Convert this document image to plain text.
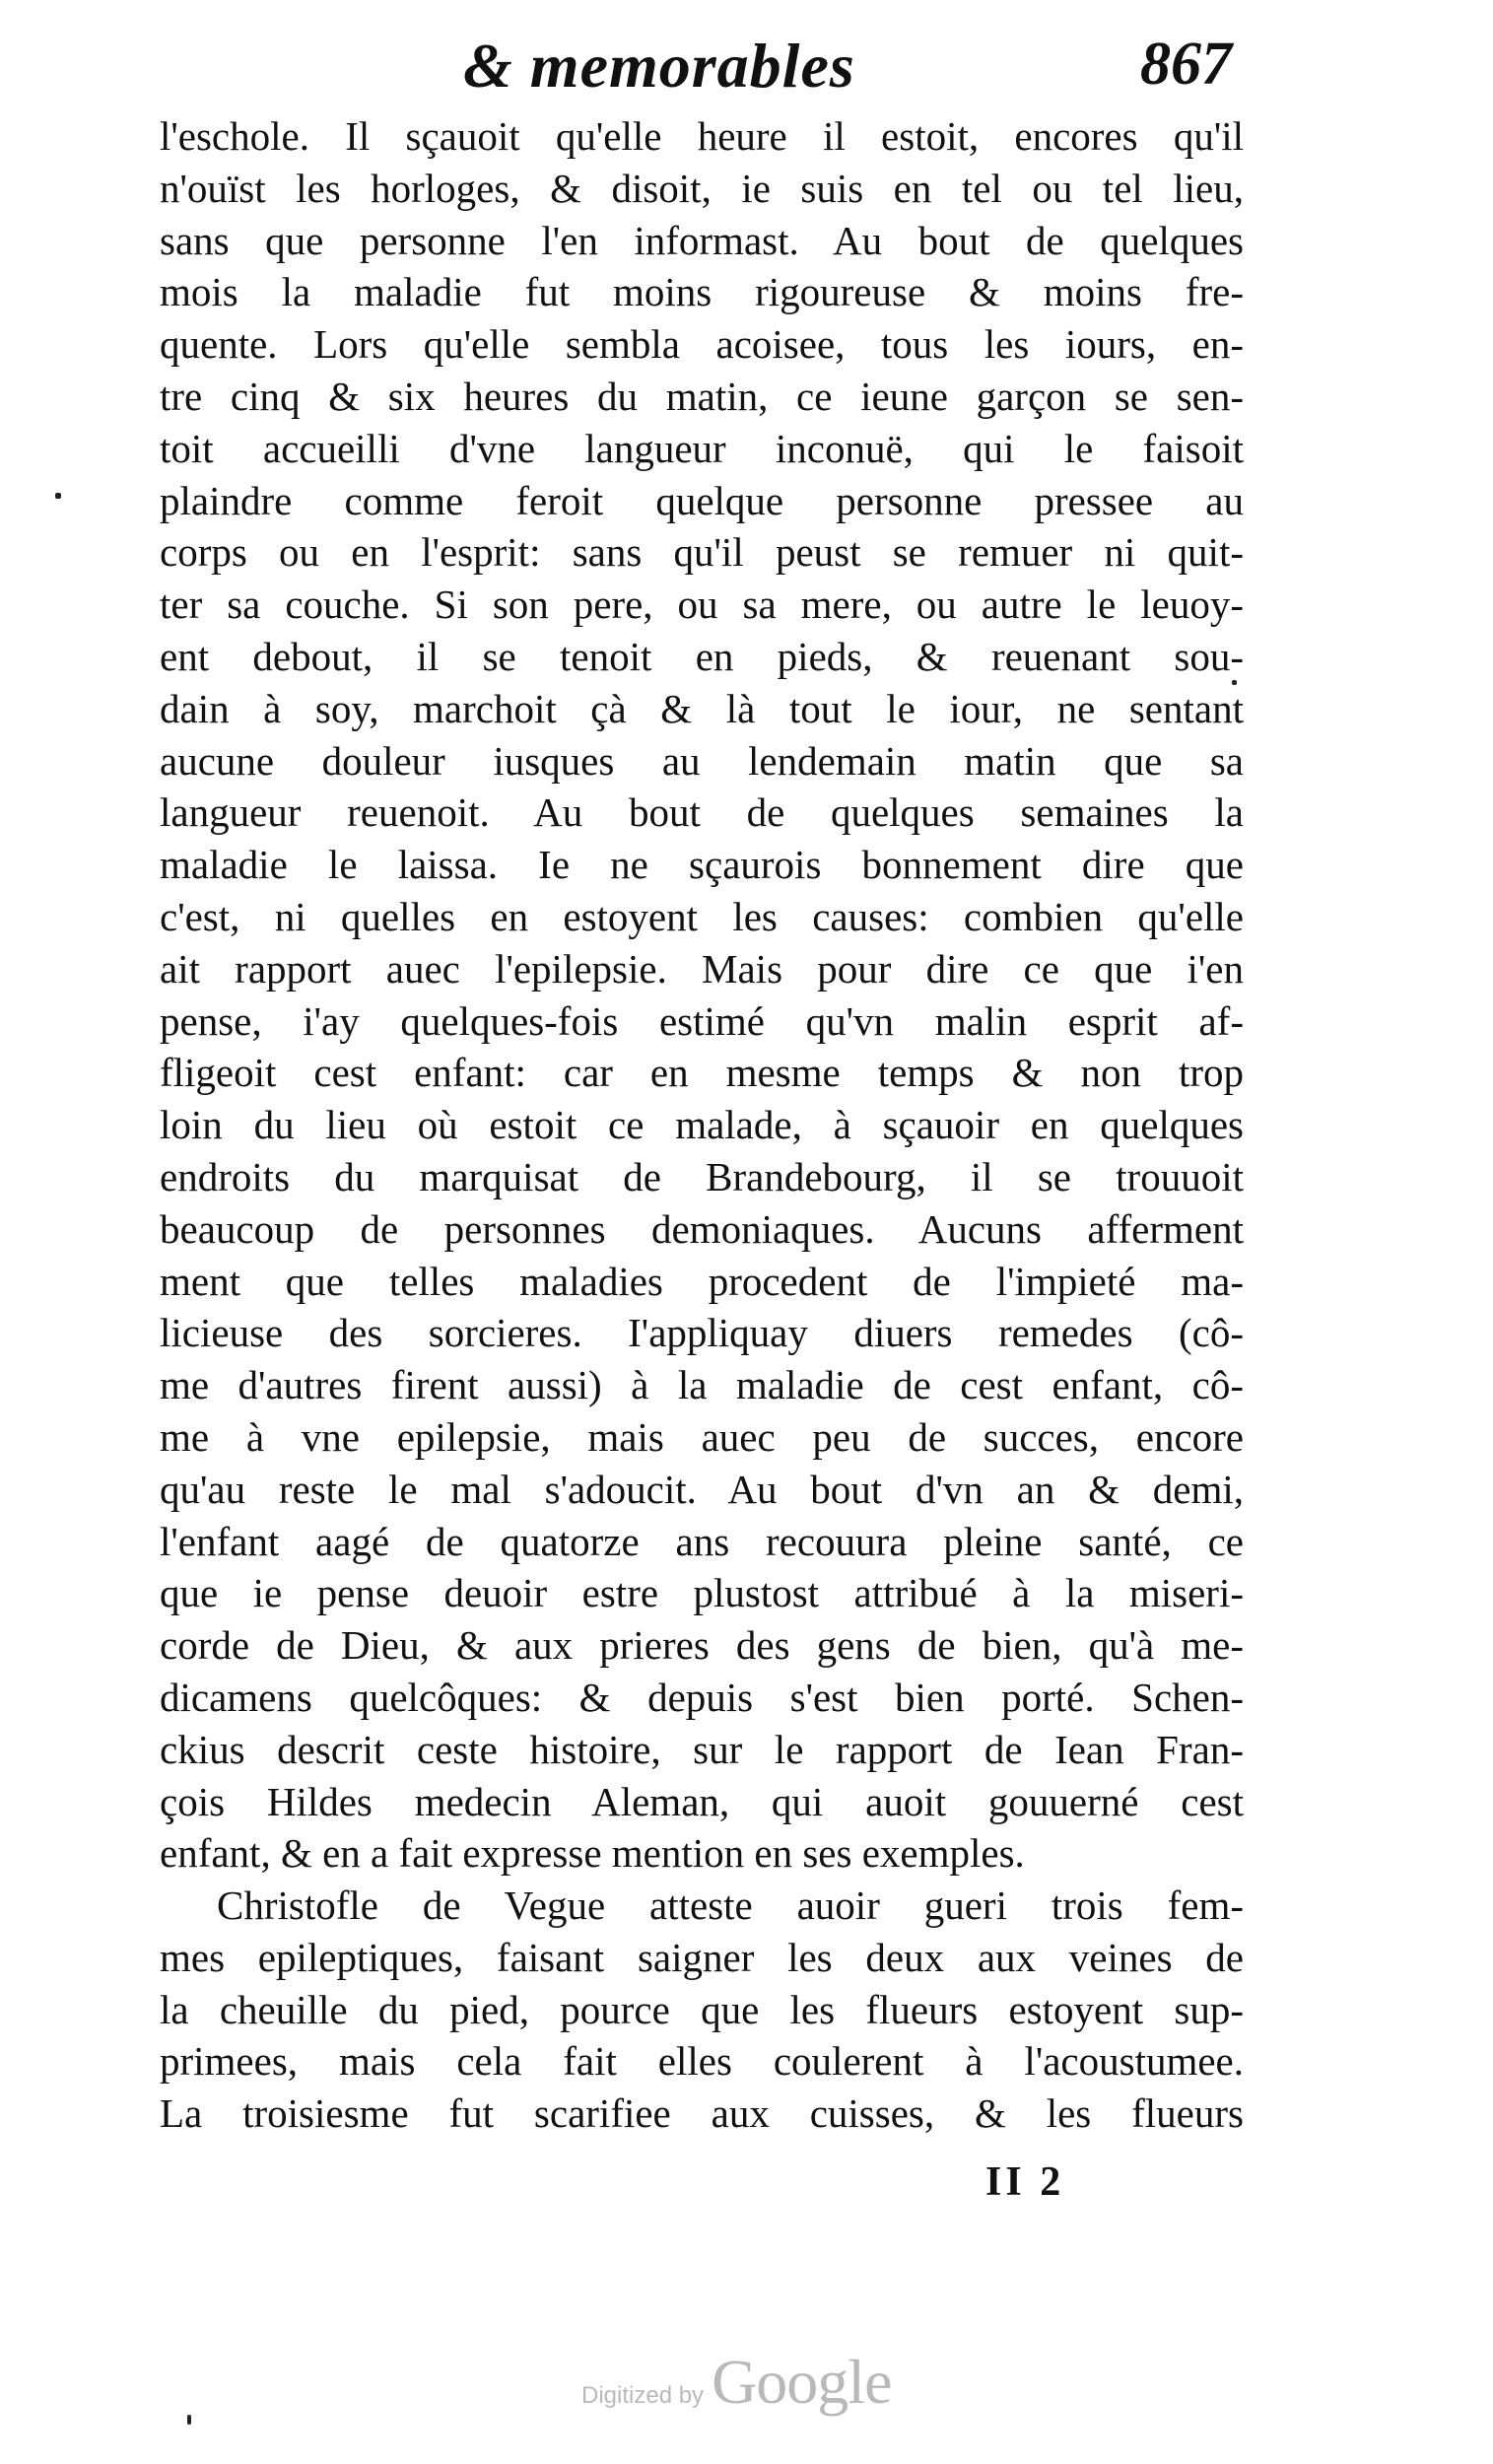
& memorables	867
l'eschole. Il sçauoit qu'elle heure il estoit, encores qu'il
n'ouïst les horloges, & disoit, ie suis en tel ou tel lieu,
sans que personne l'en informast. Au bout de quelques
mois la maladie fut moins rigoureuse & moins fre-
quente. Lors qu'elle sembla acoisee, tous les iours, en-
tre cinq & six heures du matin, ce ieune garçon se sen-
toit accueilli d'vne langueur inconuë, qui le faisoit
plaindre comme feroit quelque personne pressee au
corps ou en l'esprit: sans qu'il peust se remuer ni quit-
ter sa couche. Si son pere, ou sa mere, ou autre le leuoy-
ent debout, il se tenoit en pieds, & reuenant sou-
dain à soy, marchoit çà & là tout le iour, ne sentant
aucune douleur iusques au lendemain matin que sa
langueur reuenoit. Au bout de quelques semaines la
maladie le laissa. Ie ne sçaurois bonnement dire que
c'est, ni quelles en estoyent les causes: combien qu'elle
ait rapport auec l'epilepsie. Mais pour dire ce que i'en
pense, i'ay quelques-fois estimé qu'vn malin esprit af-
fligeoit cest enfant: car en mesme temps & non trop
loin du lieu où estoit ce malade, à sçauoir en quelques
endroits du marquisat de Brandebourg, il se trouuoit
beaucoup de personnes demoniaques. Aucuns afferment
ment que telles maladies procedent de l'impieté ma-
licieuse des sorcieres. I'appliquay diuers remedes (cô-
me d'autres firent aussi) à la maladie de cest enfant, cô-
me à vne epilepsie, mais auec peu de succes, encore
qu'au reste le mal s'adoucit. Au bout d'vn an & demi,
l'enfant aagé de quatorze ans recouura pleine santé, ce
que ie pense deuoir estre plustost attribué à la miseri-
corde de Dieu, & aux prieres des gens de bien, qu'à me-
dicamens quelcôques: & depuis s'est bien porté. Schen-
ckius descrit ceste histoire, sur le rapport de Iean Fran-
çois Hildes medecin Aleman, qui auoit gouuerné cest
enfant, & en a fait expresse mention en ses exemples.
Christofle de Vegue atteste auoir gueri trois fem-
mes epileptiques, faisant saigner les deux aux veines de
la cheuille du pied, pource que les flueurs estoyent sup-
primees, mais cela fait elles coulerent à l'acoustumee.
La troisiesme fut scarifiee aux cuisses, & les flueurs
II 2
Digitized by Google
